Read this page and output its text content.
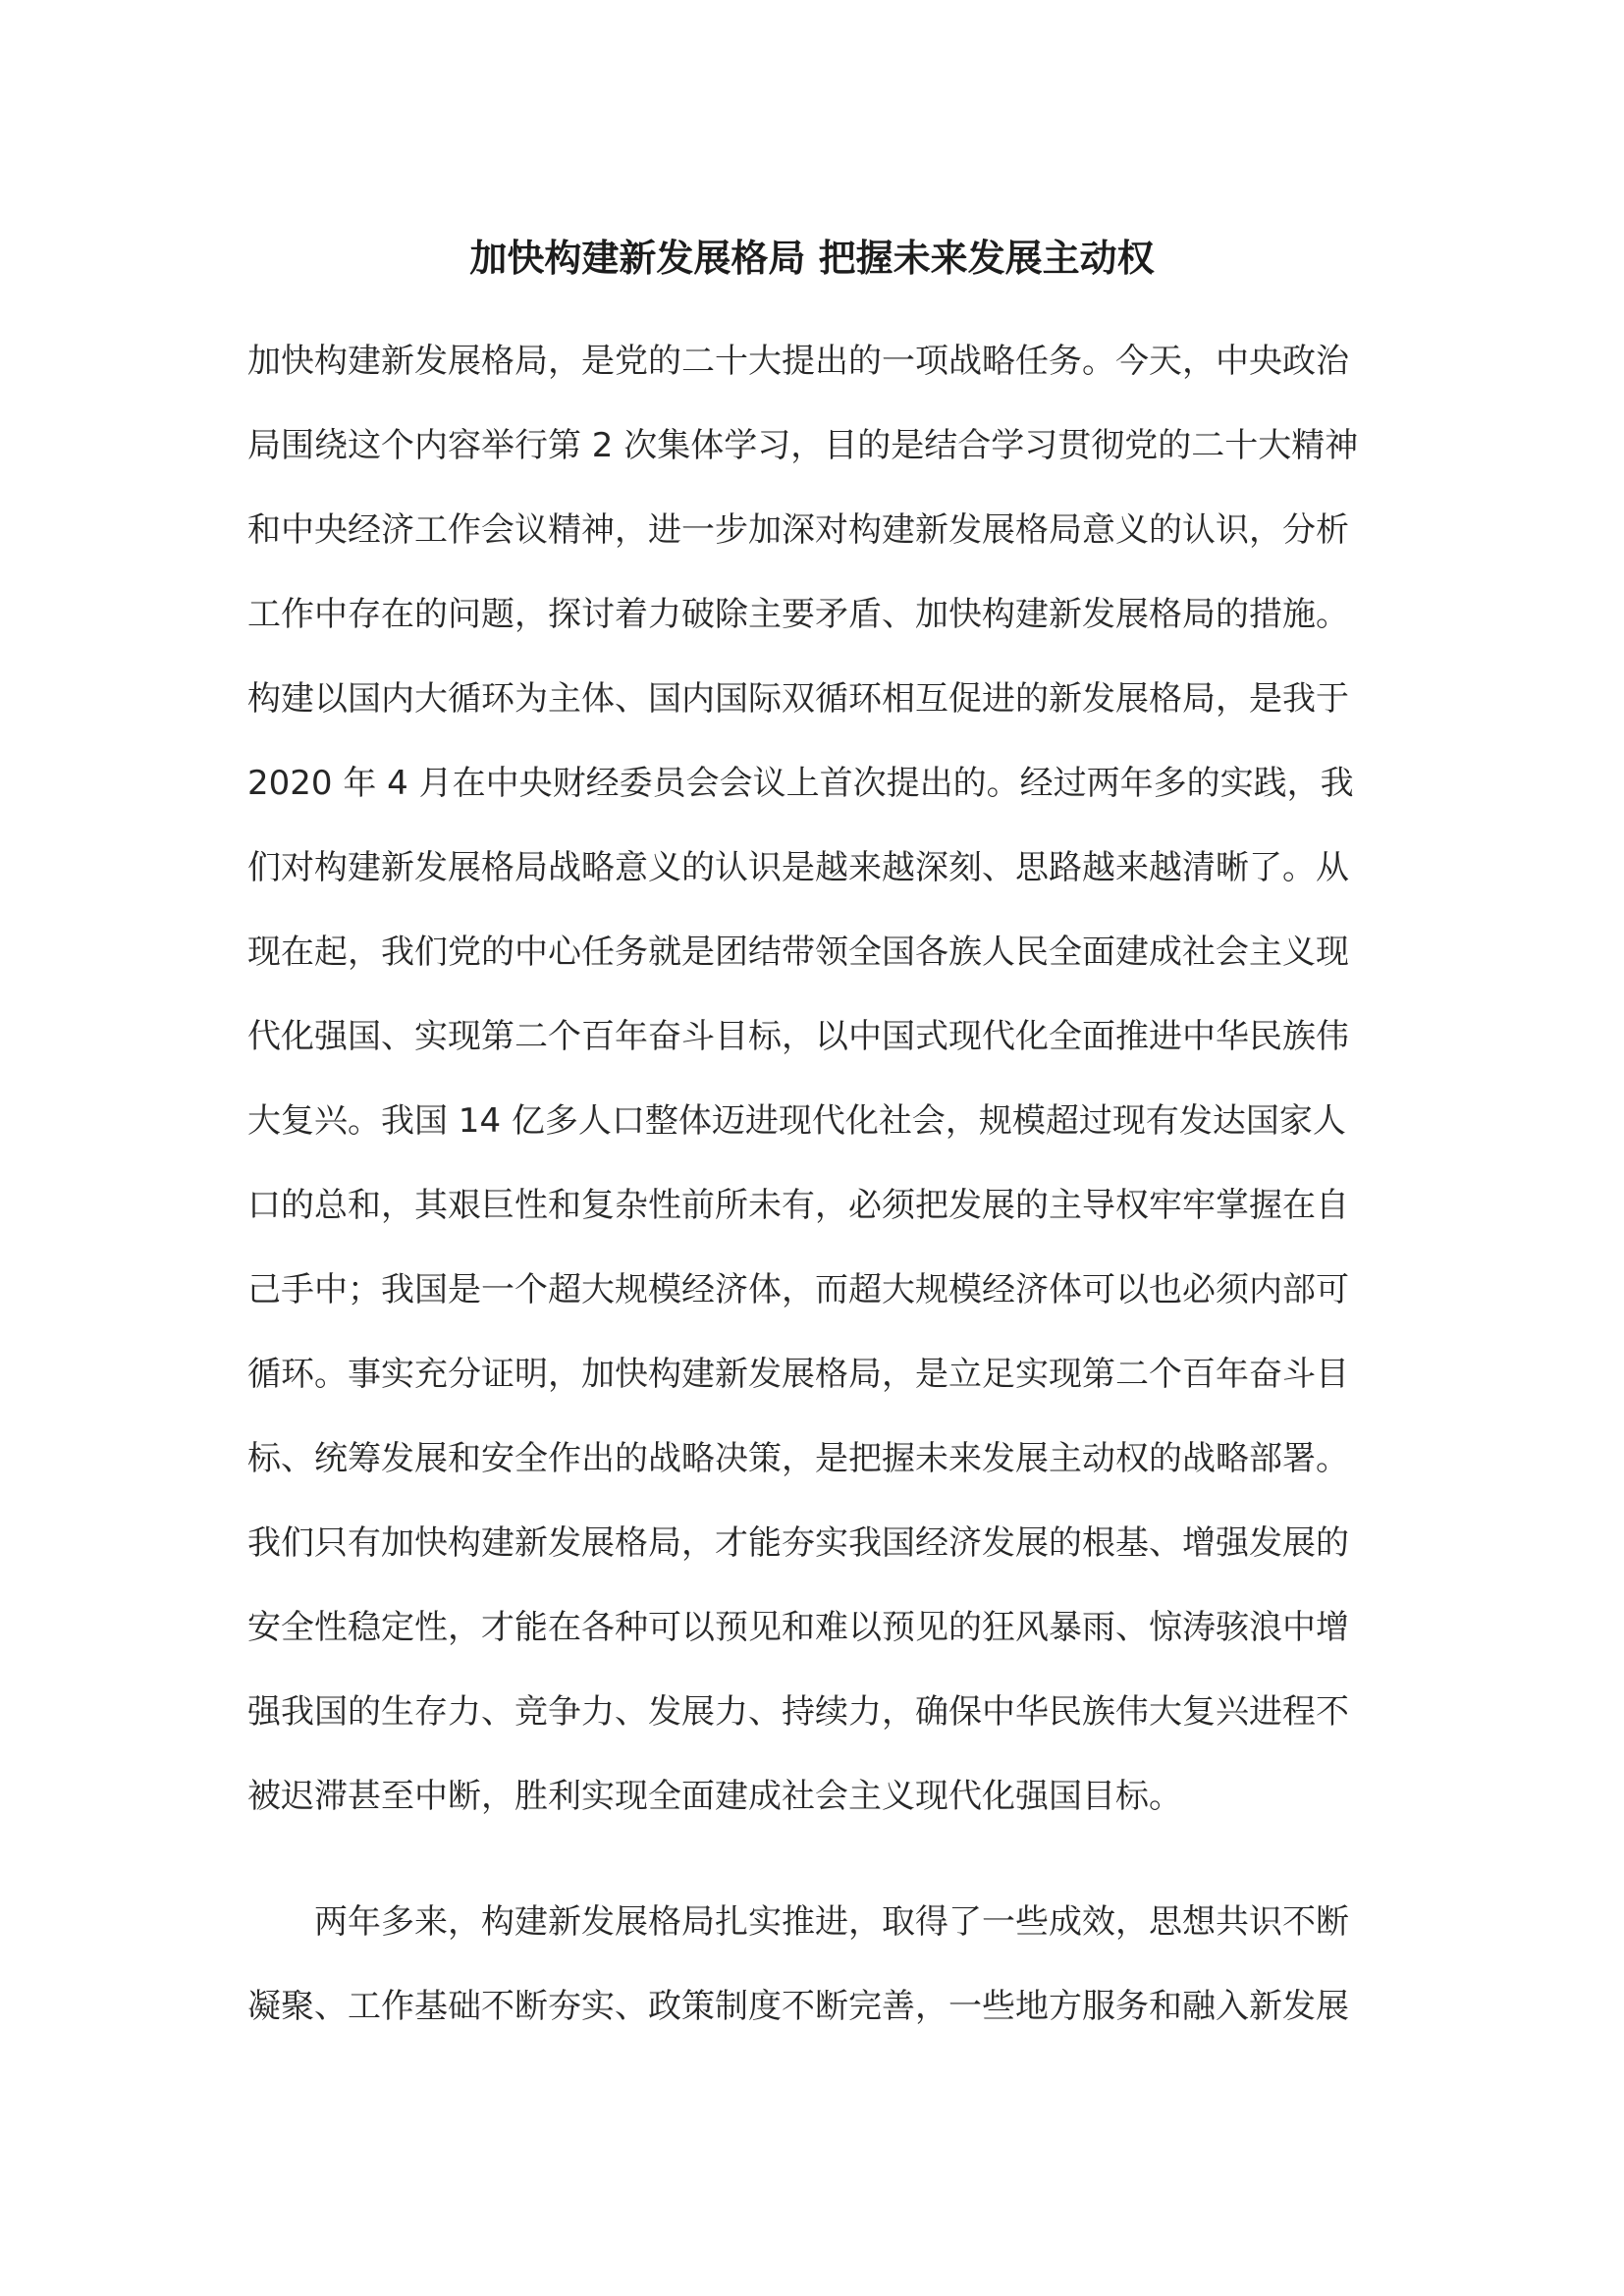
加快构建新发展格局 把握未来发展主动权
加快构建新发展格局，是党的二十大提出的一项战略任务。今天，中央政治
局围绕这个内容举行第 2 次集体学习，目的是结合学习贯彻党的二十大精神
和中央经济工作会议精神，进一步加深对构建新发展格局意义的认识，分析
工作中存在的问题，探讨着力破除主要矛盾、加快构建新发展格局的措施。
构建以国内大循环为主体、国内国际双循环相互促进的新发展格局，是我于
2020 年 4 月在中央财经委员会会议上首次提出的。经过两年多的实践，我
们对构建新发展格局战略意义的认识是越来越深刻、思路越来越清晰了。从
现在起，我们党的中心任务就是团结带领全国各族人民全面建成社会主义现
代化强国、实现第二个百年奋斗目标，以中国式现代化全面推进中华民族伟
大复兴。我国 14 亿多人口整体迈进现代化社会，规模超过现有发达国家人
口的总和，其艰巨性和复杂性前所未有，必须把发展的主导权牢牢掌握在自
己手中；我国是一个超大规模经济体，而超大规模经济体可以也必须内部可
循环。事实充分证明，加快构建新发展格局，是立足实现第二个百年奋斗目
标、统筹发展和安全作出的战略决策，是把握未来发展主动权的战略部署。
我们只有加快构建新发展格局，才能夯实我国经济发展的根基、增强发展的
安全性稳定性，才能在各种可以预见和难以预见的狂风暴雨、惊涛骇浪中增
强我国的生存力、竞争力、发展力、持续力，确保中华民族伟大复兴进程不
被迟滞甚至中断，胜利实现全面建成社会主义现代化强国目标。
两年多来，构建新发展格局扎实推进，取得了一些成效，思想共识不断
凝聚、工作基础不断夯实、政策制度不断完善，一些地方服务和融入新发展
